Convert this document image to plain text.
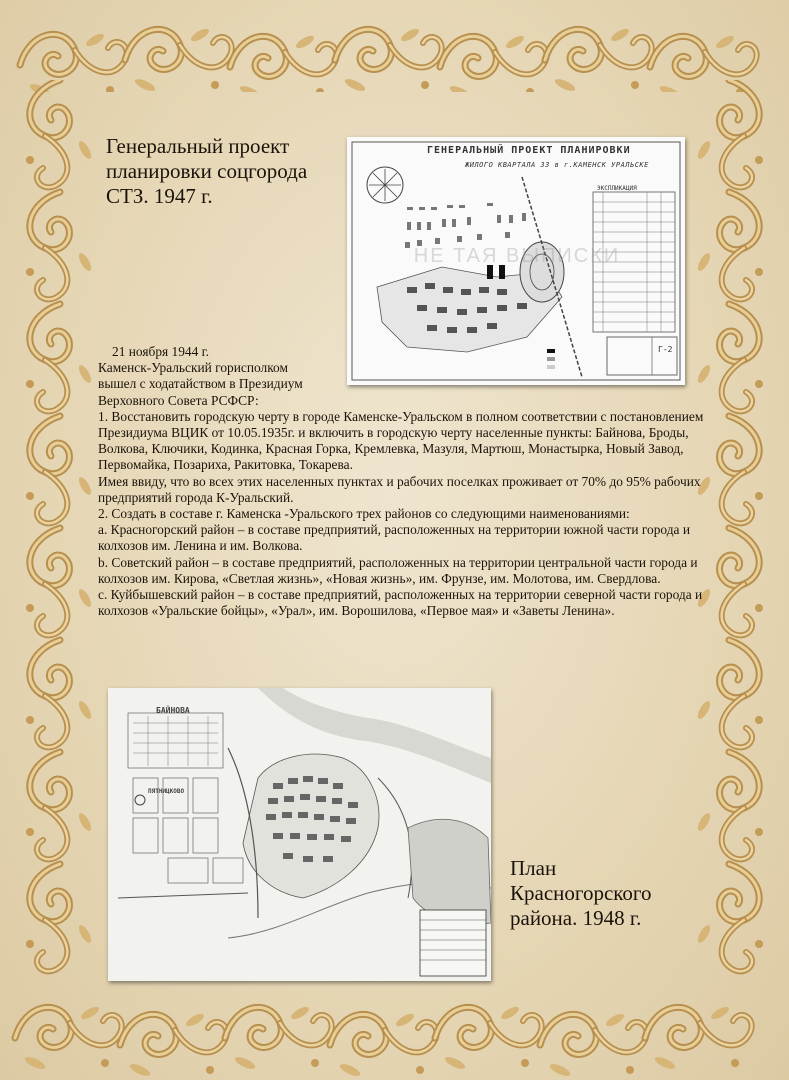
Генеральный проект
планировки соцгорода
СТЗ. 1947 г.
ГЕНЕРАЛЬНЫЙ ПРОЕКТ ПЛАНИРОВКИ
ЖИЛОГО КВАРТАЛА 33 в г.КАМЕНСК УРАЛЬСКЕ
НЕ ТАЯ ВЫПИСКИ
ЭКСПЛИКАЦИЯ
Г-2

21 ноября 1944 г.

Каменск-Уральский горисполком

вышел с ходатайством в Президиум

Верховного Совета РСФСР:

1. Восстановить городскую черту в городе Каменске-Уральском в полном соответствии с постановлением Президиума ВЦИК от 10.05.1935г. и включить в городскую черту населенные пункты: Байнова, Броды, Волкова, Ключики, Кодинка, Красная Горка, Кремлевка, Мазуля, Мартюш, Монастырка, Новый Завод, Первомайка, Позариха, Ракитовка, Токарева.

Имея ввиду, что во всех этих населенных пунктах и рабочих поселках проживает от 70% до 95% рабочих предприятий города К-Уральский.

2. Создать в составе г. Каменска -Уральского трех районов со следующими наименованиями:

a. Красногорский район – в составе предприятий, расположенных на территории южной части города и колхозов им. Ленина и им. Волкова.

b. Советский район – в составе предприятий, расположенных на территории центральной части города и колхозов им. Кирова, «Светлая жизнь», «Новая жизнь», им. Фрунзе, им. Молотова, им. Свердлова.

c. Куйбышевский район – в составе предприятий, расположенных на территории северной части города и колхозов «Уральские бойцы», «Урал», им. Ворошилова, «Первое мая» и «Заветы Ленина».

БАЙНОВА
ПЯТНИЦКОВО
План
Красногорского
района. 1948 г.
